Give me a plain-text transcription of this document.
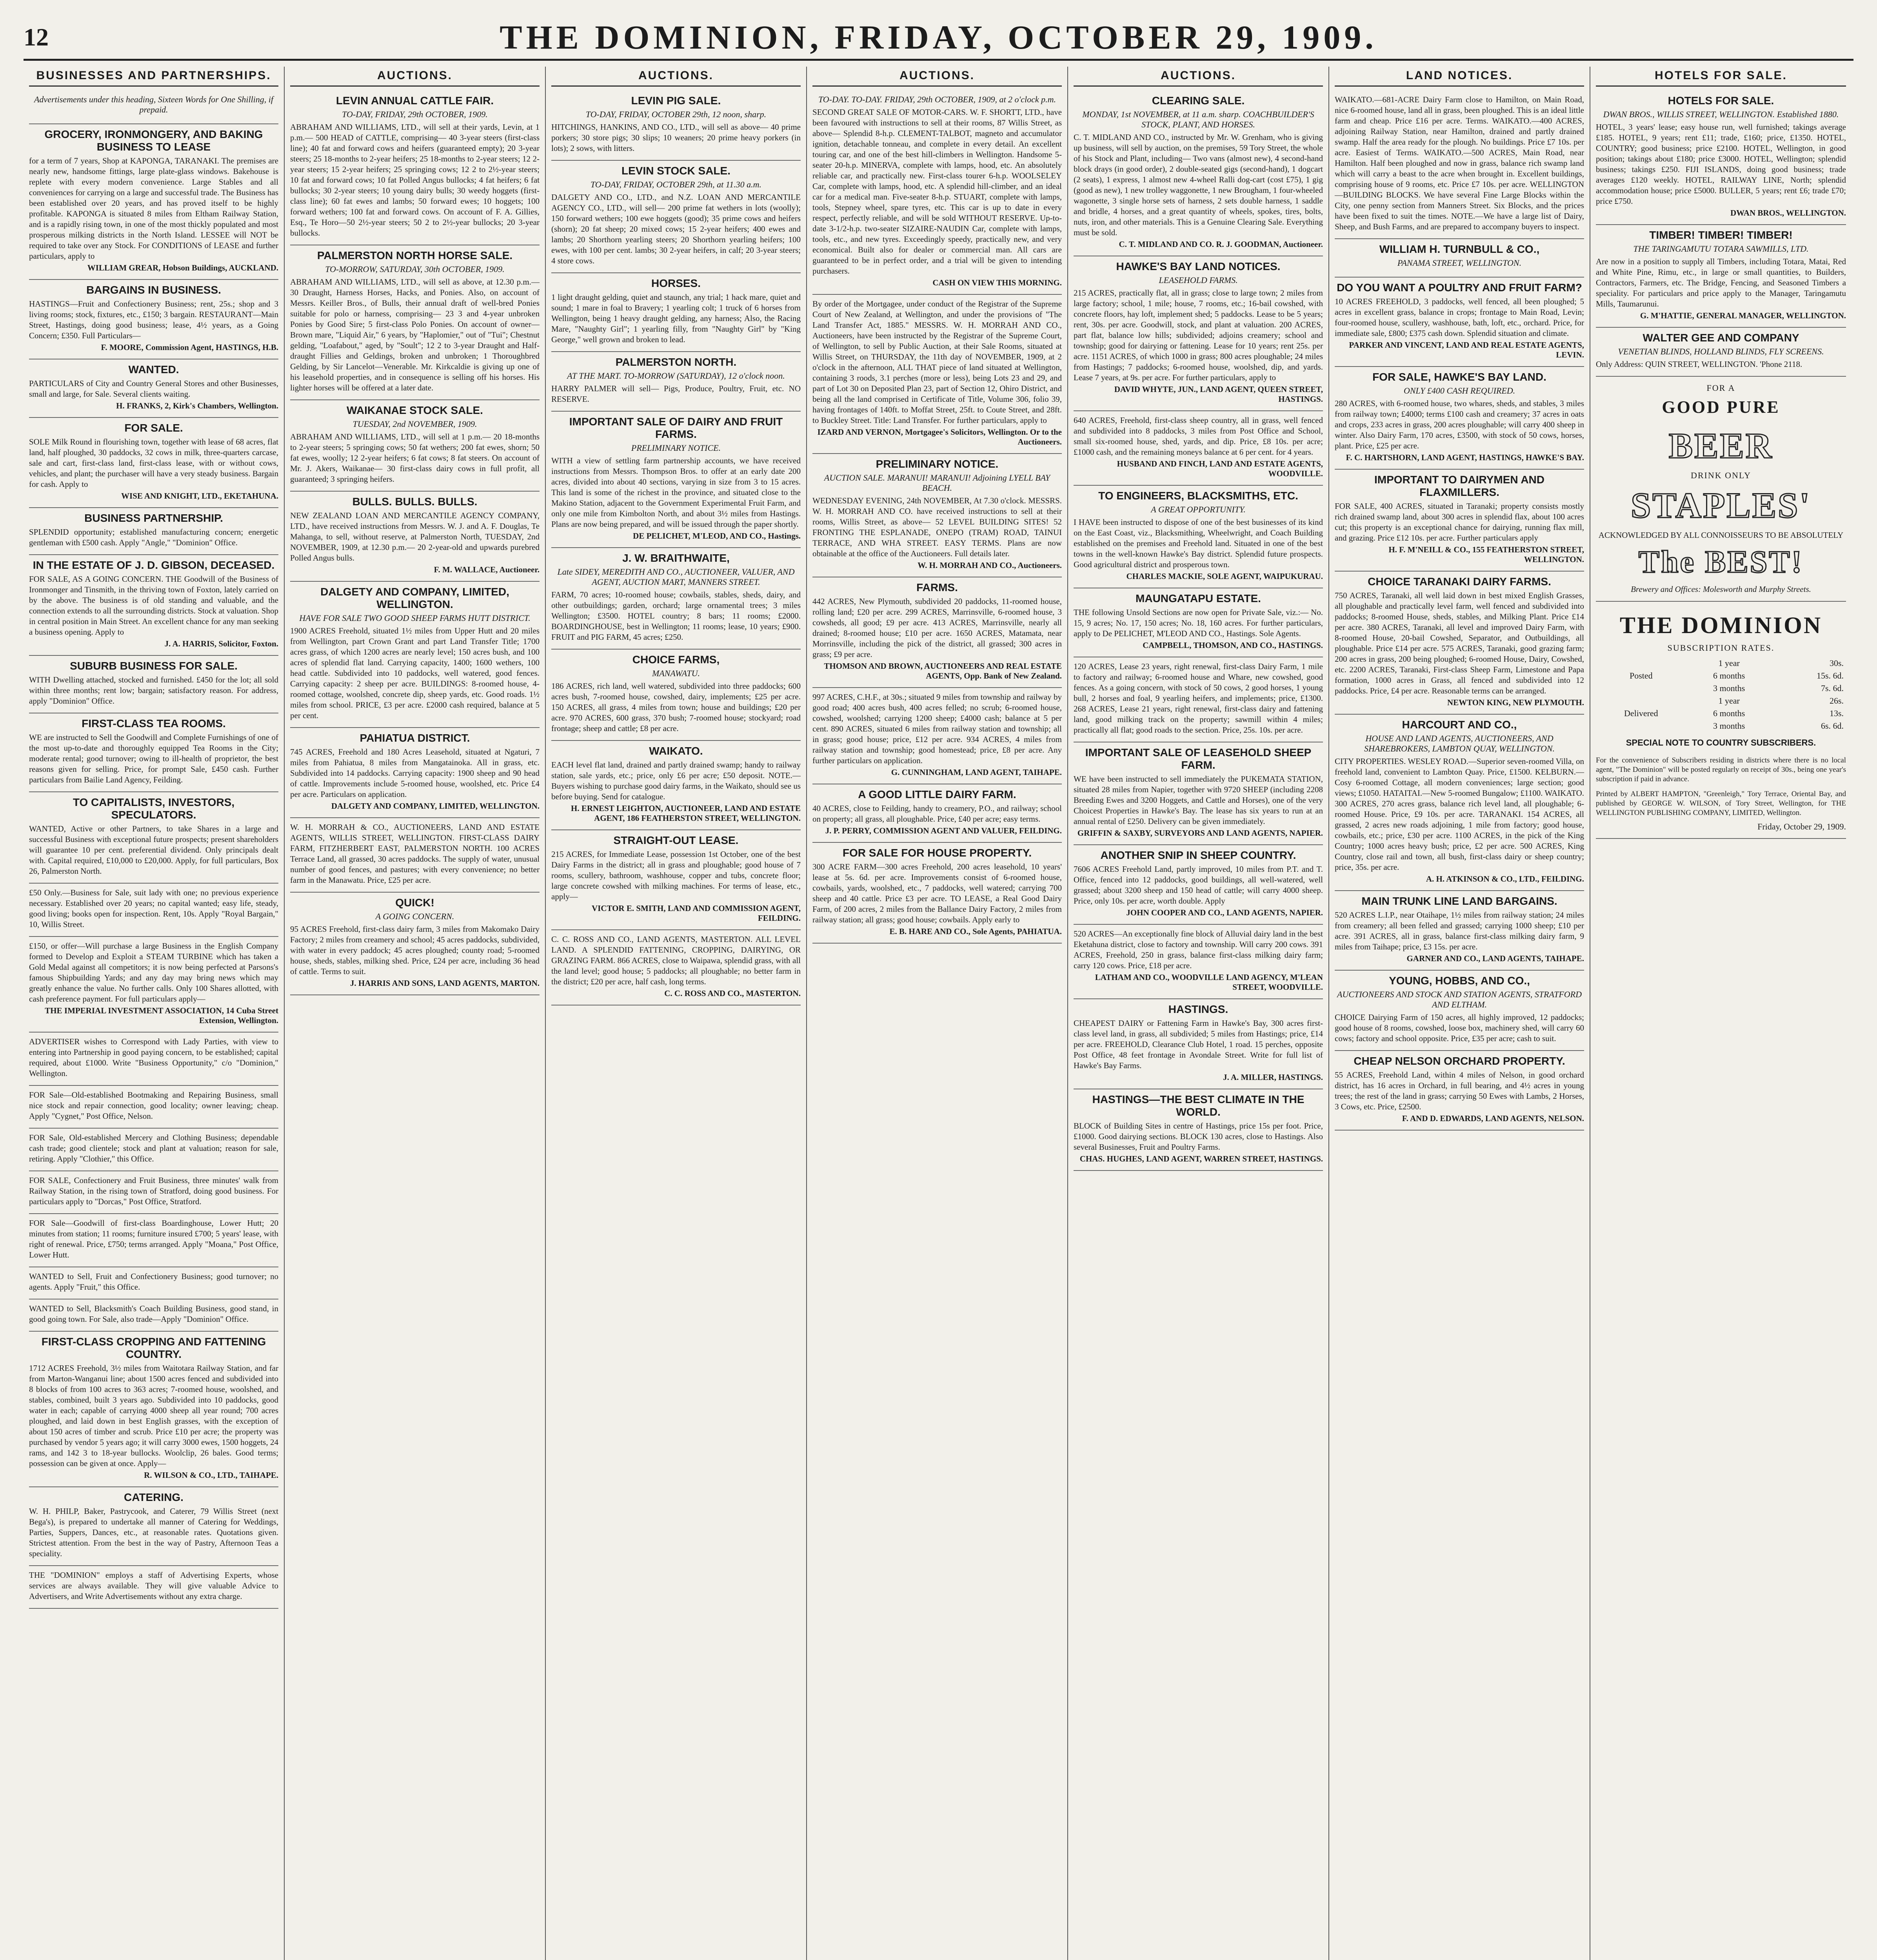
12	THE DOMINION, FRIDAY, OCTOBER 29, 1909.
BUSINESSES AND PARTNERSHIPS.
Advertisements under this heading, Sixteen Words for One Shilling, if prepaid.
GROCERY, IRONMONGERY, AND BAKING BUSINESS TO LEASE
for a term of 7 years, Shop at KAPONGA, TARANAKI. The premises are nearly new, handsome fittings, large plate-glass windows. Bakehouse is replete with every modern convenience. Large Stables and all conveniences for carrying on a large and successful trade. The Business has been established over 20 years, and has proved itself to be highly profitable. KAPONGA is situated 8 miles from Eltham Railway Station, and is a rapidly rising town, in one of the most thickly populated and most prosperous milking districts in the North Island. LESSEE will NOT be required to take over any Stock. For CONDITIONS of LEASE and further particulars, apply to
WILLIAM GREAR, Hobson Buildings, AUCKLAND.
BARGAINS IN BUSINESS.
HASTINGS—Fruit and Confectionery Business; rent, 25s.; shop and 3 living rooms; stock, fixtures, etc., £150; 3 bargain. RESTAURANT—Main Street, Hastings, doing good business; lease, 4½ years, as a Going Concern; £350. Full Particulars—
F. MOORE, Commission Agent, HASTINGS, H.B.
WANTED.
PARTICULARS of City and Country General Stores and other Businesses, small and large, for Sale. Several clients waiting.
H. FRANKS, 2, Kirk's Chambers, Wellington.
FOR SALE.
SOLE Milk Round in flourishing town, together with lease of 68 acres, flat land, half ploughed, 30 paddocks, 32 cows in milk, three-quarters carcase, sale and cart, first-class land, first-class lease, with or without cows, vehicles, and plant; the purchaser will have a very steady business. Bargain for cash. Apply to
WISE AND KNIGHT, LTD., EKETAHUNA.
BUSINESS PARTNERSHIP.
SPLENDID opportunity; established manufacturing concern; energetic gentleman with £500 cash. Apply "Angle," "Dominion" Office.
IN THE ESTATE OF J. D. GIBSON, DECEASED.
FOR SALE, AS A GOING CONCERN. THE Goodwill of the Business of Ironmonger and Tinsmith, in the thriving town of Foxton, lately carried on by the above. The business is of old standing and valuable, and the connection extends to all the surrounding districts. Stock at valuation. Shop in central position in Main Street. An excellent chance for any man seeking a business opening. Apply to
J. A. HARRIS, Solicitor, Foxton.
SUBURB BUSINESS FOR SALE.
WITH Dwelling attached, stocked and furnished. £450 for the lot; all sold within three months; rent low; bargain; satisfactory reason. For address, apply "Dominion" Office.
FIRST-CLASS TEA ROOMS.
WE are instructed to Sell the Goodwill and Complete Furnishings of one of the most up-to-date and thoroughly equipped Tea Rooms in the City; moderate rental; good turnover; owing to ill-health of proprietor, the best reasons given for selling. Price, for prompt Sale, £450 cash. Further particulars from Bailie Land Agency, Feilding.
TO CAPITALISTS, INVESTORS, SPECULATORS.
WANTED, Active or other Partners, to take Shares in a large and successful Business with exceptional future prospects; present shareholders will guarantee 10 per cent. preferential dividend. Only principals dealt with. Capital required, £10,000 to £20,000. Apply, for full particulars, Box 26, Palmerston North.
£50 Only.—Business for Sale, suit lady with one; no previous experience necessary. Established over 20 years; no capital wanted; easy life, steady, good living; books open for inspection. Rent, 10s. Apply "Royal Bargain," 10, Willis Street.
£150, or offer—Will purchase a large Business in the English Company formed to Develop and Exploit a STEAM TURBINE which has taken a Gold Medal against all competitors; it is now being perfected at Parsons's famous Shipbuilding Yards; and any day may bring news which may greatly enhance the value. No further calls. Only 100 Shares allotted, with cash preference payment. For full particulars apply—
THE IMPERIAL INVESTMENT ASSOCIATION, 14 Cuba Street Extension, Wellington.
ADVERTISER wishes to Correspond with Lady Parties, with view to entering into Partnership in good paying concern, to be established; capital required, about £1000. Write "Business Opportunity," c/o "Dominion," Wellington.
FOR Sale—Old-established Bootmaking and Repairing Business, small nice stock and repair connection, good locality; owner leaving; cheap. Apply "Cygnet," Post Office, Nelson.
FOR Sale, Old-established Mercery and Clothing Business; dependable cash trade; good clientele; stock and plant at valuation; reason for sale, retiring. Apply "Clothier," this Office.
FOR SALE, Confectionery and Fruit Business, three minutes' walk from Railway Station, in the rising town of Stratford, doing good business. For particulars apply to "Dorcas," Post Office, Stratford.
FOR Sale—Goodwill of first-class Boardinghouse, Lower Hutt; 20 minutes from station; 11 rooms; furniture insured £700; 5 years' lease, with right of renewal. Price, £750; terms arranged. Apply "Moana," Post Office, Lower Hutt.
WANTED to Sell, Fruit and Confectionery Business; good turnover; no agents. Apply "Fruit," this Office.
WANTED to Sell, Blacksmith's Coach Building Business, good stand, in good going town. For Sale, also trade—Apply "Dominion" Office.
FIRST-CLASS CROPPING AND FATTENING COUNTRY.
1712 ACRES Freehold, 3½ miles from Waitotara Railway Station, and far from Marton-Wanganui line; about 1500 acres fenced and subdivided into 8 blocks of from 100 acres to 363 acres; 7-roomed house, woolshed, and stables, combined, built 3 years ago. Subdivided into 10 paddocks, good water in each; capable of carrying 4000 sheep all year round; 700 acres ploughed, and laid down in best English grasses, with the exception of about 150 acres of timber and scrub. Price £10 per acre; the property was purchased by vendor 5 years ago; it will carry 3000 ewes, 1500 hoggets, 24 rams, and 142 3 to 18-year bullocks. Woolclip, 26 bales. Good terms; possession can be given at once. Apply—
R. WILSON & CO., LTD., TAIHAPE.
CATERING.
W. H. PHILP, Baker, Pastrycook, and Caterer, 79 Willis Street (next Bega's), is prepared to undertake all manner of Catering for Weddings, Parties, Suppers, Dances, etc., at reasonable rates. Quotations given. Strictest attention. From the best in the way of Pastry, Afternoon Teas a speciality.
THE "DOMINION" employs a staff of Advertising Experts, whose services are always available. They will give valuable Advice to Advertisers, and Write Advertisements without any extra charge.
AUCTIONS.
LEVIN ANNUAL CATTLE FAIR.
TO-DAY, FRIDAY, 29th OCTOBER, 1909.
ABRAHAM AND WILLIAMS, LTD., will sell at their yards, Levin, at 1 p.m.— 500 HEAD of CATTLE, comprising— 40 3-year steers (first-class line); 40 fat and forward cows and heifers (guaranteed empty); 20 3-year steers; 25 18-months to 2-year heifers; 25 18-months to 2-year steers; 12 2-year steers; 15 2-year heifers; 25 springing cows; 12 2 to 2½-year steers; 10 fat and forward cows; 10 fat Polled Angus bullocks; 4 fat heifers; 6 fat bullocks; 30 2-year steers; 10 young dairy bulls; 30 weedy hoggets (first-class line); 60 fat ewes and lambs; 50 forward ewes; 10 hoggets; 100 forward wethers; 100 fat and forward cows. On account of F. A. Gillies, Esq., Te Horo—50 2½-year steers; 50 2 to 2½-year bullocks; 20 3-year bullocks.
PALMERSTON NORTH HORSE SALE.
TO-MORROW, SATURDAY, 30th OCTOBER, 1909.
ABRAHAM AND WILLIAMS, LTD., will sell as above, at 12.30 p.m.— 30 Draught, Harness Horses, Hacks, and Ponies. Also, on account of Messrs. Keiller Bros., of Bulls, their annual draft of well-bred Ponies suitable for polo or harness, comprising— 23 3 and 4-year unbroken Ponies by Good Sire; 5 first-class Polo Ponies. On account of owner— Brown mare, "Liquid Air," 6 years, by "Haplomier," out of "Tui"; Chestnut gelding, "Loafabout," aged, by "Soult"; 12 2 to 3-year Draught and Half-draught Fillies and Geldings, broken and unbroken; 1 Thoroughbred Gelding, by Sir Lancelot—Venerable. Mr. Kirkcaldie is giving up one of his leasehold properties, and in consequence is selling off his horses. His lighter horses will be offered at a later date.
WAIKANAE STOCK SALE.
TUESDAY, 2nd NOVEMBER, 1909.
ABRAHAM AND WILLIAMS, LTD., will sell at 1 p.m.— 20 18-months to 2-year steers; 5 springing cows; 50 fat wethers; 200 fat ewes, shorn; 50 fat ewes, woolly; 12 2-year heifers; 6 fat cows; 8 fat steers. On account of Mr. J. Akers, Waikanae— 30 first-class dairy cows in full profit, all guaranteed; 3 springing heifers.
BULLS. BULLS. BULLS.
NEW ZEALAND LOAN AND MERCANTILE AGENCY COMPANY, LTD., have received instructions from Messrs. W. J. and A. F. Douglas, Te Mahanga, to sell, without reserve, at Palmerston North, TUESDAY, 2nd NOVEMBER, 1909, at 12.30 p.m.— 20 2-year-old and upwards purebred Polled Angus bulls.
F. M. WALLACE, Auctioneer.
DALGETY AND COMPANY, LIMITED, WELLINGTON.
HAVE FOR SALE TWO GOOD SHEEP FARMS HUTT DISTRICT.
1900 ACRES Freehold, situated 1½ miles from Upper Hutt and 20 miles from Wellington, part Crown Grant and part Land Transfer Title; 1700 acres grass, of which 1200 acres are nearly level; 150 acres bush, and 100 acres of splendid flat land. Carrying capacity, 1400; 1600 wethers, 100 head cattle. Subdivided into 10 paddocks, well watered, good fences. Carrying capacity: 2 sheep per acre. BUILDINGS: 8-roomed house, 4-roomed cottage, woolshed, concrete dip, sheep yards, etc. Good roads. 1½ miles from school. PRICE, £3 per acre. £2000 cash required, balance at 5 per cent.
PAHIATUA DISTRICT.
745 ACRES, Freehold and 180 Acres Leasehold, situated at Ngaturi, 7 miles from Pahiatua, 8 miles from Mangatainoka. All in grass, etc. Subdivided into 14 paddocks. Carrying capacity: 1900 sheep and 90 head of cattle. Improvements include 5-roomed house, woolshed, etc. Price £4 per acre. Particulars on application.
DALGETY AND COMPANY, LIMITED, WELLINGTON.
W. H. MORRAH & CO., AUCTIONEERS, LAND AND ESTATE AGENTS, WILLIS STREET, WELLINGTON. FIRST-CLASS DAIRY FARM, FITZHERBERT EAST, PALMERSTON NORTH. 100 ACRES Terrace Land, all grassed, 30 acres paddocks. The supply of water, unusual number of good fences, and pastures; with every convenience; no better farm in the Manawatu. Price, £25 per acre.
QUICK!
A GOING CONCERN.
95 ACRES Freehold, first-class dairy farm, 3 miles from Makomako Dairy Factory; 2 miles from creamery and school; 45 acres paddocks, subdivided, with water in every paddock; 45 acres ploughed; county road; 5-roomed house, sheds, stables, milking shed. Price, £24 per acre, including 36 head of cattle. Terms to suit.
J. HARRIS AND SONS, LAND AGENTS, MARTON.
AUCTIONS.
LEVIN PIG SALE.
TO-DAY, FRIDAY, OCTOBER 29th, 12 noon, sharp.
HITCHINGS, HANKINS, AND CO., LTD., will sell as above— 40 prime porkers; 30 store pigs; 30 slips; 10 weaners; 20 prime heavy porkers (in lots); 2 sows, with litters.
LEVIN STOCK SALE.
TO-DAY, FRIDAY, OCTOBER 29th, at 11.30 a.m.
DALGETY AND CO., LTD., and N.Z. LOAN AND MERCANTILE AGENCY CO., LTD., will sell— 200 prime fat wethers in lots (woolly); 150 forward wethers; 100 ewe hoggets (good); 35 prime cows and heifers (shorn); 20 fat sheep; 20 mixed cows; 15 2-year heifers; 400 ewes and lambs; 20 Shorthorn yearling steers; 20 Shorthorn yearling heifers; 100 ewes, with 100 per cent. lambs; 30 2-year heifers, in calf; 20 3-year steers; 4 store cows.
HORSES.
1 light draught gelding, quiet and staunch, any trial; 1 hack mare, quiet and sound; 1 mare in foal to Bravery; 1 yearling colt; 1 truck of 6 horses from Wellington, being 1 heavy draught gelding, any harness; Also, the Racing Mare, "Naughty Girl"; 1 yearling filly, from "Naughty Girl" by "King George," well grown and broken to lead.
PALMERSTON NORTH.
AT THE MART. TO-MORROW (SATURDAY), 12 o'clock noon.
HARRY PALMER will sell— Pigs, Produce, Poultry, Fruit, etc. NO RESERVE.
IMPORTANT SALE OF DAIRY AND FRUIT FARMS.
PRELIMINARY NOTICE.
WITH a view of settling farm partnership accounts, we have received instructions from Messrs. Thompson Bros. to offer at an early date 200 acres, divided into about 40 sections, varying in size from 3 to 15 acres. This land is some of the richest in the province, and situated close to the Makino Station, adjacent to the Government Experimental Fruit Farm, and only one mile from Kimbolton North, and about 3½ miles from Hastings. Plans are now being prepared, and will be issued through the paper shortly.
DE PELICHET, M'LEOD, AND CO., Hastings.
J. W. BRAITHWAITE,
Late SIDEY, MEREDITH AND CO., AUCTIONEER, VALUER, AND AGENT, AUCTION MART, MANNERS STREET.
FARM, 70 acres; 10-roomed house; cowbails, stables, sheds, dairy, and other outbuildings; garden, orchard; large ornamental trees; 3 miles Wellington; £3500. HOTEL country; 8 bars; 11 rooms; £2000. BOARDINGHOUSE, best in Wellington; 11 rooms; lease, 10 years; £900. FRUIT and PIG FARM, 45 acres; £250.
CHOICE FARMS,
MANAWATU.
186 ACRES, rich land, well watered, subdivided into three paddocks; 600 acres bush, 7-roomed house, cowshed, dairy, implements; £25 per acre. 150 ACRES, all grass, 4 miles from town; house and buildings; £20 per acre. 970 ACRES, 600 grass, 370 bush; 7-roomed house; stockyard; road frontage; sheep and cattle; £8 per acre.
WAIKATO.
EACH level flat land, drained and partly drained swamp; handy to railway station, sale yards, etc.; price, only £6 per acre; £50 deposit. NOTE.—Buyers wishing to purchase good dairy farms, in the Waikato, should see us before buying. Send for catalogue.
H. ERNEST LEIGHTON, AUCTIONEER, LAND AND ESTATE AGENT, 186 FEATHERSTON STREET, WELLINGTON.
STRAIGHT-OUT LEASE.
215 ACRES, for Immediate Lease, possession 1st October, one of the best Dairy Farms in the district; all in grass and ploughable; good house of 7 rooms, scullery, bathroom, washhouse, copper and tubs, concrete floor; large concrete cowshed with milking machines. For terms of lease, etc., apply—
VICTOR E. SMITH, LAND AND COMMISSION AGENT, FEILDING.
C. C. ROSS AND CO., LAND AGENTS, MASTERTON. ALL LEVEL LAND. A SPLENDID FATTENING, CROPPING, DAIRYING, OR GRAZING FARM. 866 ACRES, close to Waipawa, splendid grass, with all the land level; good house; 5 paddocks; all ploughable; no better farm in the district; £20 per acre, half cash, long terms.
C. C. ROSS AND CO., MASTERTON.
AUCTIONS.
TO-DAY. TO-DAY. FRIDAY, 29th OCTOBER, 1909, at 2 o'clock p.m.
SECOND GREAT SALE OF MOTOR-CARS. W. F. SHORTT, LTD., have been favoured with instructions to sell at their rooms, 87 Willis Street, as above— Splendid 8-h.p. CLEMENT-TALBOT, magneto and accumulator ignition, detachable tonneau, and complete in every detail. An excellent touring car, and one of the best hill-climbers in Wellington. Handsome 5-seater 20-h.p. MINERVA, complete with lamps, hood, etc. An absolutely reliable car, and practically new. First-class tourer 6-h.p. WOOLSELEY Car, complete with lamps, hood, etc. A splendid hill-climber, and an ideal car for a medical man. Five-seater 8-h.p. STUART, complete with lamps, tools, Stepney wheel, spare tyres, etc. This car is up to date in every respect, perfectly reliable, and will be sold WITHOUT RESERVE. Up-to-date 3-1/2-h.p. two-seater SIZAIRE-NAUDIN Car, complete with lamps, tools, etc., and new tyres. Exceedingly speedy, practically new, and very economical. Built also for dealer or commercial man. All cars are guaranteed to be in perfect order, and a trial will be given to intending purchasers.
CASH ON VIEW THIS MORNING.
By order of the Mortgagee, under conduct of the Registrar of the Supreme Court of New Zealand, at Wellington, and under the provisions of "The Land Transfer Act, 1885." MESSRS. W. H. MORRAH AND CO., Auctioneers, have been instructed by the Registrar of the Supreme Court, of Wellington, to sell by Public Auction, at their Sale Rooms, situated at Willis Street, on THURSDAY, the 11th day of NOVEMBER, 1909, at 2 o'clock in the afternoon, ALL THAT piece of land situated at Wellington, containing 3 roods, 3.1 perches (more or less), being Lots 23 and 29, and part of Lot 30 on Deposited Plan 23, part of Section 12, Ohiro District, and being all the land comprised in Certificate of Title, Volume 306, folio 39, having frontages of 140ft. to Moffat Street, 25ft. to Coute Street, and 28ft. to Buckley Street. Title: Land Transfer. For further particulars, apply to
IZARD AND VERNON, Mortgagee's Solicitors, Wellington. Or to the Auctioneers.
PRELIMINARY NOTICE.
AUCTION SALE. MARANUI! MARANUI! Adjoining LYELL BAY BEACH.
WEDNESDAY EVENING, 24th NOVEMBER, At 7.30 o'clock. MESSRS. W. H. MORRAH AND CO. have received instructions to sell at their rooms, Willis Street, as above— 52 LEVEL BUILDING SITES! 52 FRONTING THE ESPLANADE, ONEPO (TRAM) ROAD, TAINUI TERRACE, AND WHA STREET. EASY TERMS. Plans are now obtainable at the office of the Auctioneers. Full details later.
W. H. MORRAH AND CO., Auctioneers.
FARMS.
442 ACRES, New Plymouth, subdivided 20 paddocks, 11-roomed house, rolling land; £20 per acre. 299 ACRES, Marrinsville, 6-roomed house, 3 cowsheds, all good; £9 per acre. 413 ACRES, Marrinsville, nearly all drained; 8-roomed house; £10 per acre. 1650 ACRES, Matamata, near Morrinsville, including the pick of the district, all grassed; 300 acres in grass; £9 per acre.
THOMSON AND BROWN, AUCTIONEERS AND REAL ESTATE AGENTS, Opp. Bank of New Zealand.
997 ACRES, C.H.F., at 30s.; situated 9 miles from township and railway by good road; 400 acres bush, 400 acres felled; no scrub; 6-roomed house, cowshed, woolshed; carrying 1200 sheep; £4000 cash; balance at 5 per cent. 890 ACRES, situated 6 miles from railway station and township; all in grass; good house; price, £12 per acre. 934 ACRES, 4 miles from railway station and township; good homestead; price, £8 per acre. Any further particulars on application.
G. CUNNINGHAM, LAND AGENT, TAIHAPE.
A GOOD LITTLE DAIRY FARM.
40 ACRES, close to Feilding, handy to creamery, P.O., and railway; school on property; all grass, all ploughable. Price, £40 per acre; easy terms.
J. P. PERRY, COMMISSION AGENT AND VALUER, FEILDING.
FOR SALE FOR HOUSE PROPERTY.
300 ACRE FARM—300 acres Freehold, 200 acres leasehold, 10 years' lease at 5s. 6d. per acre. Improvements consist of 6-roomed house, cowbails, yards, woolshed, etc., 7 paddocks, well watered; carrying 700 sheep and 40 cattle. Price £3 per acre. TO LEASE, a Real Good Dairy Farm, of 200 acres, 2 miles from the Ballance Dairy Factory, 2 miles from railway station; all grass; good house; cowbails. Apply early to
E. B. HARE AND CO., Sole Agents, PAHIATUA.
AUCTIONS.
CLEARING SALE.
MONDAY, 1st NOVEMBER, at 11 a.m. sharp. COACHBUILDER'S STOCK, PLANT, AND HORSES.
C. T. MIDLAND AND CO., instructed by Mr. W. Grenham, who is giving up business, will sell by auction, on the premises, 59 Tory Street, the whole of his Stock and Plant, including— Two vans (almost new), 4 second-hand block drays (in good order), 2 double-seated gigs (second-hand), 1 dogcart (2 seats), 1 express, 1 almost new 4-wheel Ralli dog-cart (cost £75), 1 gig (good as new), 1 new trolley waggonette, 1 new Brougham, 1 four-wheeled wagonette, 3 single horse sets of harness, 2 sets double harness, 1 saddle and bridle, 4 horses, and a great quantity of wheels, spokes, tires, bolts, nuts, iron, and other materials. This is a Genuine Clearing Sale. Everything must be sold.
C. T. MIDLAND AND CO. R. J. GOODMAN, Auctioneer.
HAWKE'S BAY LAND NOTICES.
LEASEHOLD FARMS.
215 ACRES, practically flat, all in grass; close to large town; 2 miles from large factory; school, 1 mile; house, 7 rooms, etc.; 16-bail cowshed, with concrete floors, hay loft, implement shed; 5 paddocks. Lease to be 5 years; rent, 30s. per acre. Goodwill, stock, and plant at valuation. 200 ACRES, part flat, balance low hills; subdivided; adjoins creamery; school and township; good for dairying or fattening. Lease for 10 years; rent 25s. per acre. 1151 ACRES, of which 1000 in grass; 800 acres ploughable; 24 miles from Hastings; 7 paddocks; 6-roomed house, woolshed, dip, and yards. Lease 7 years, at 9s. per acre. For further particulars, apply to
DAVID WHYTE, JUN., LAND AGENT, QUEEN STREET, HASTINGS.
640 ACRES, Freehold, first-class sheep country, all in grass, well fenced and subdivided into 8 paddocks, 3 miles from Post Office and School, small six-roomed house, shed, yards, and dip. Price, £8 10s. per acre; £1000 cash, and the remaining moneys balance at 6 per cent. for 4 years.
HUSBAND AND FINCH, LAND AND ESTATE AGENTS, WOODVILLE.
TO ENGINEERS, BLACKSMITHS, ETC.
A GREAT OPPORTUNITY.
I HAVE been instructed to dispose of one of the best businesses of its kind on the East Coast, viz., Blacksmithing, Wheelwright, and Coach Building established on the premises and Freehold land. Situated in one of the best towns in the well-known Hawke's Bay district. Splendid future prospects. Good agricultural district and prosperous town.
CHARLES MACKIE, SOLE AGENT, WAIPUKURAU.
MAUNGATAPU ESTATE.
THE following Unsold Sections are now open for Private Sale, viz.:— No. 15, 9 acres; No. 17, 150 acres; No. 18, 160 acres. For further particulars, apply to De PELICHET, M'LEOD AND CO., Hastings. Sole Agents.
CAMPBELL, THOMSON, AND CO., HASTINGS.
120 ACRES, Lease 23 years, right renewal, first-class Dairy Farm, 1 mile to factory and railway; 6-roomed house and Whare, new cowshed, good fences. As a going concern, with stock of 50 cows, 2 good horses, 1 young bull, 2 horses and foal, 9 yearling heifers, and implements; price, £1300. 268 ACRES, Lease 21 years, right renewal, first-class dairy and fattening land, good milking track on the property; sawmill within 4 miles; practically all flat; good roads to the section. Price, 25s. 10s. per acre.
IMPORTANT SALE OF LEASEHOLD SHEEP FARM.
WE have been instructed to sell immediately the PUKEMATA STATION, situated 28 miles from Napier, together with 9720 SHEEP (including 2208 Breeding Ewes and 3200 Hoggets, and Cattle and Horses), one of the very Choicest Properties in Hawke's Bay. The lease has six years to run at an annual rental of £250. Delivery can be given immediately.
GRIFFIN & SAXBY, SURVEYORS AND LAND AGENTS, NAPIER.
ANOTHER SNIP IN SHEEP COUNTRY.
7606 ACRES Freehold Land, partly improved, 10 miles from P.T. and T. Office, fenced into 12 paddocks, good buildings, all well-watered, well grassed; about 3200 sheep and 150 head of cattle; will carry 4000 sheep. Price, only 10s. per acre, worth double. Apply
JOHN COOPER AND CO., LAND AGENTS, NAPIER.
520 ACRES—An exceptionally fine block of Alluvial dairy land in the best Eketahuna district, close to factory and township. Will carry 200 cows. 391 ACRES, Freehold, 250 in grass, balance first-class milking dairy farm; carry 120 cows. Price, £18 per acre.
LATHAM AND CO., WOODVILLE LAND AGENCY, M'LEAN STREET, WOODVILLE.
HASTINGS.
CHEAPEST DAIRY or Fattening Farm in Hawke's Bay, 300 acres first-class level land, in grass, all subdivided; 5 miles from Hastings; price, £14 per acre. FREEHOLD, Clearance Club Hotel, 1 road. 15 perches, opposite Post Office, 48 feet frontage in Avondale Street. Write for full list of Hawke's Bay Farms.
J. A. MILLER, HASTINGS.
HASTINGS—THE BEST CLIMATE IN THE WORLD.
BLOCK of Building Sites in centre of Hastings, price 15s per foot. Price, £1000. Good dairying sections. BLOCK 130 acres, close to Hastings. Also several Businesses, Fruit and Poultry Farms.
CHAS. HUGHES, LAND AGENT, WARREN STREET, HASTINGS.
LAND NOTICES.
WAIKATO.—681-ACRE Dairy Farm close to Hamilton, on Main Road, nice 6-roomed house, land all in grass, been ploughed. This is an ideal little farm and cheap. Price £16 per acre. Terms. WAIKATO.—400 ACRES, adjoining Railway Station, near Hamilton, drained and partly drained swamp. Half the area ready for the plough. No buildings. Price £7 10s. per acre. Easiest of Terms. WAIKATO.—500 ACRES, Main Road, near Hamilton. Half been ploughed and now in grass, balance rich swamp land which will carry a beast to the acre when brought in. Excellent buildings, comprising house of 9 rooms, etc. Price £7 10s. per acre. WELLINGTON—BUILDING BLOCKS. We have several Fine Large Blocks within the City, one penny section from Manners Street. Six Blocks, and the prices have been fixed to suit the times. NOTE.—We have a large list of Dairy, Sheep, and Bush Farms, and are prepared to accompany buyers to inspect.
WILLIAM H. TURNBULL & CO.,
PANAMA STREET, WELLINGTON.
DO YOU WANT A POULTRY AND FRUIT FARM?
10 ACRES FREEHOLD, 3 paddocks, well fenced, all been ploughed; 5 acres in excellent grass, balance in crops; frontage to Main Road, Levin; four-roomed house, scullery, washhouse, bath, loft, etc., orchard. Price, for immediate sale, £800; £375 cash down. Splendid situation and climate.
PARKER AND VINCENT, LAND AND REAL ESTATE AGENTS, LEVIN.
FOR SALE, HAWKE'S BAY LAND.
ONLY £400 CASH REQUIRED.
280 ACRES, with 6-roomed house, two whares, sheds, and stables, 3 miles from railway town; £4000; terms £100 cash and creamery; 37 acres in oats and crops, 233 acres in grass, 200 acres ploughable; will carry 400 sheep in winter. Also Dairy Farm, 170 acres, £3500, with stock of 50 cows, horses, plant. Price, £25 per acre.
F. C. HARTSHORN, LAND AGENT, HASTINGS, HAWKE'S BAY.
IMPORTANT TO DAIRYMEN AND FLAXMILLERS.
FOR SALE, 400 ACRES, situated in Taranaki; property consists mostly rich drained swamp land, about 300 acres in splendid flax, about 100 acres cut; this property is an exceptional chance for dairying, running flax mill, and grazing. Price £12 10s. per acre. Further particulars apply
H. F. M'NEILL & CO., 155 FEATHERSTON STREET, WELLINGTON.
CHOICE TARANAKI DAIRY FARMS.
750 ACRES, Taranaki, all well laid down in best mixed English Grasses, all ploughable and practically level farm, well fenced and subdivided into paddocks; 8-roomed House, sheds, stables, and Milking Plant. Price £14 per acre. 380 ACRES, Taranaki, all level and improved Dairy Farm, with 8-roomed House, 20-bail Cowshed, Separator, and Outbuildings, all ploughable. Price £14 per acre. 575 ACRES, Taranaki, good grazing farm; 200 acres in grass, 200 being ploughed; 6-roomed House, Dairy, Cowshed, etc. 2200 ACRES, Taranaki, First-class Sheep Farm, Limestone and Papa formation, 1000 acres in Grass, all fenced and subdivided into 12 paddocks. Price, £4 per acre. Reasonable terms can be arranged.
NEWTON KING, NEW PLYMOUTH.
HARCOURT AND CO.,
HOUSE AND LAND AGENTS, AUCTIONEERS, AND SHAREBROKERS, LAMBTON QUAY, WELLINGTON.
CITY PROPERTIES. WESLEY ROAD.—Superior seven-roomed Villa, on freehold land, convenient to Lambton Quay. Price, £1500. KELBURN.—Cosy 6-roomed Cottage, all modern conveniences; large section; good views; £1050. HATAITAI.—New 5-roomed Bungalow; £1100. WAIKATO. 300 ACRES, 270 acres grass, balance rich level land, all ploughable; 6-roomed House. Price, £9 10s. per acre. TARANAKI. 154 ACRES, all grassed, 2 acres new roads adjoining, 1 mile from factory; good house, cowbails, etc.; price, £30 per acre. 1100 ACRES, in the pick of the King Country; 1000 acres heavy bush; price, £2 per acre. 500 ACRES, King Country, close rail and town, all bush, first-class dairy or sheep country; price, 35s. per acre.
A. H. ATKINSON & CO., LTD., FEILDING.
MAIN TRUNK LINE LAND BARGAINS.
520 ACRES L.I.P., near Otaihape, 1½ miles from railway station; 24 miles from creamery; all been felled and grassed; carrying 1000 sheep; £10 per acre. 391 ACRES, all in grass, balance first-class milking dairy farm, 9 miles from Taihape; price, £3 15s. per acre.
GARNER AND CO., LAND AGENTS, TAIHAPE.
YOUNG, HOBBS, AND CO.,
AUCTIONEERS AND STOCK AND STATION AGENTS, STRATFORD AND ELTHAM.
CHOICE Dairying Farm of 150 acres, all highly improved, 12 paddocks; good house of 8 rooms, cowshed, loose box, machinery shed, will carry 60 cows; factory and school opposite. Price, £35 per acre; cash to suit.
CHEAP NELSON ORCHARD PROPERTY.
55 ACRES, Freehold Land, within 4 miles of Nelson, in good orchard district, has 16 acres in Orchard, in full bearing, and 4½ acres in young trees; the rest of the land in grass; carrying 50 Ewes with Lambs, 2 Horses, 3 Cows, etc. Price, £2500.
F. AND D. EDWARDS, LAND AGENTS, NELSON.
HOTELS FOR SALE.
HOTELS FOR SALE.
DWAN BROS., WILLIS STREET, WELLINGTON. Established 1880.
HOTEL, 3 years' lease; easy house run, well furnished; takings average £185. HOTEL, 9 years; rent £11; trade, £160; price, £1350. HOTEL, COUNTRY; good business; price £2100. HOTEL, Wellington, in good position; takings about £180; price £3000. HOTEL, Wellington; splendid business; takings £250. FIJI ISLANDS, doing good business; trade averages £120 weekly. HOTEL, RAILWAY LINE, North; splendid accommodation house; price £5000. BULLER, 5 years; rent £6; trade £70; price £750.
DWAN BROS., WELLINGTON.
TIMBER! TIMBER! TIMBER!
THE TARINGAMUTU TOTARA SAWMILLS, LTD.
Are now in a position to supply all Timbers, including Totara, Matai, Red and White Pine, Rimu, etc., in large or small quantities, to Builders, Contractors, Farmers, etc. The Bridge, Fencing, and Seasoned Timbers a speciality. For particulars and price apply to the Manager, Taringamutu Mills, Taumarunui.
G. M'HATTIE, GENERAL MANAGER, WELLINGTON.
WALTER GEE AND COMPANY
VENETIAN BLINDS, HOLLAND BLINDS, FLY SCREENS.
Only Address: QUIN STREET, WELLINGTON. 'Phone 2118.
FOR A
GOOD PURE
BEER
DRINK ONLY
STAPLES'
ACKNOWLEDGED BY ALL CONNOISSEURS TO BE ABSOLUTELY
The BEST!
Brewery and Offices: Molesworth and Murphy Streets.
THE DOMINION
SUBSCRIPTION RATES.
Posted	1 year	30s.
	6 months	15s. 6d.
	3 months	7s. 6d.
Delivered	1 year	26s.
	6 months	13s.
	3 months	6s. 6d.
SPECIAL NOTE TO COUNTRY SUBSCRIBERS.
For the convenience of Subscribers residing in districts where there is no local agent, "The Dominion" will be posted regularly on receipt of 30s., being one year's subscription if paid in advance.
Printed by ALBERT HAMPTON, "Greenleigh," Tory Terrace, Oriental Bay, and published by GEORGE W. WILSON, of Tory Street, Wellington, for THE WELLINGTON PUBLISHING COMPANY, LIMITED, Wellington.
Friday, October 29, 1909.
